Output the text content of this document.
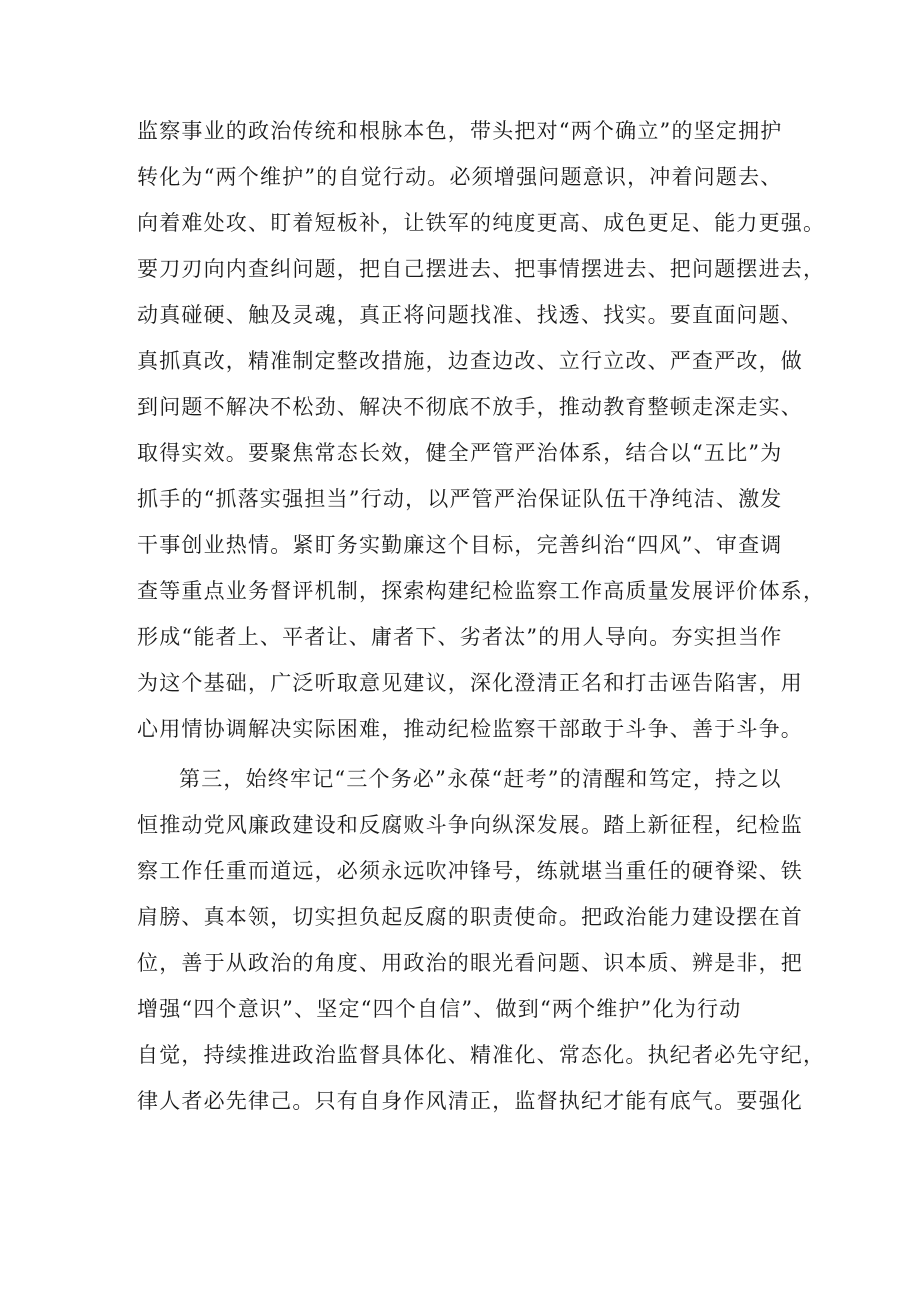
监察事业的政治传统和根脉本色，带头把对“两个确立”的坚定拥护
转化为“两个维护”的自觉行动。必须增强问题意识，冲着问题去、
向着难处攻、盯着短板补，让铁军的纯度更高、成色更足、能力更强。
要刀刃向内查纠问题，把自己摆进去、把事情摆进去、把问题摆进去，
动真碰硬、触及灵魂，真正将问题找准、找透、找实。要直面问题、
真抓真改，精准制定整改措施，边查边改、立行立改、严查严改，做
到问题不解决不松劲、解决不彻底不放手，推动教育整顿走深走实、
取得实效。要聚焦常态长效，健全严管严治体系，结合以“五比”为
抓手的“抓落实强担当”行动，以严管严治保证队伍干净纯洁、激发
干事创业热情。紧盯务实勤廉这个目标，完善纠治“四风”、审查调
查等重点业务督评机制，探索构建纪检监察工作高质量发展评价体系，
形成“能者上、平者让、庸者下、劣者汰”的用人导向。夯实担当作
为这个基础，广泛听取意见建议，深化澄清正名和打击诬告陷害，用
心用情协调解决实际困难，推动纪检监察干部敢于斗争、善于斗争。
第三，始终牢记“三个务必”永葆“赶考”的清醒和笃定，持之以
恒推动党风廉政建设和反腐败斗争向纵深发展。踏上新征程，纪检监
察工作任重而道远，必须永远吹冲锋号，练就堪当重任的硬脊梁、铁
肩膀、真本领，切实担负起反腐的职责使命。把政治能力建设摆在首
位，善于从政治的角度、用政治的眼光看问题、识本质、辨是非，把
增强“四个意识”、坚定“四个自信”、做到“两个维护”化为行动
自觉，持续推进政治监督具体化、精准化、常态化。执纪者必先守纪，
律人者必先律己。只有自身作风清正，监督执纪才能有底气。要强化
